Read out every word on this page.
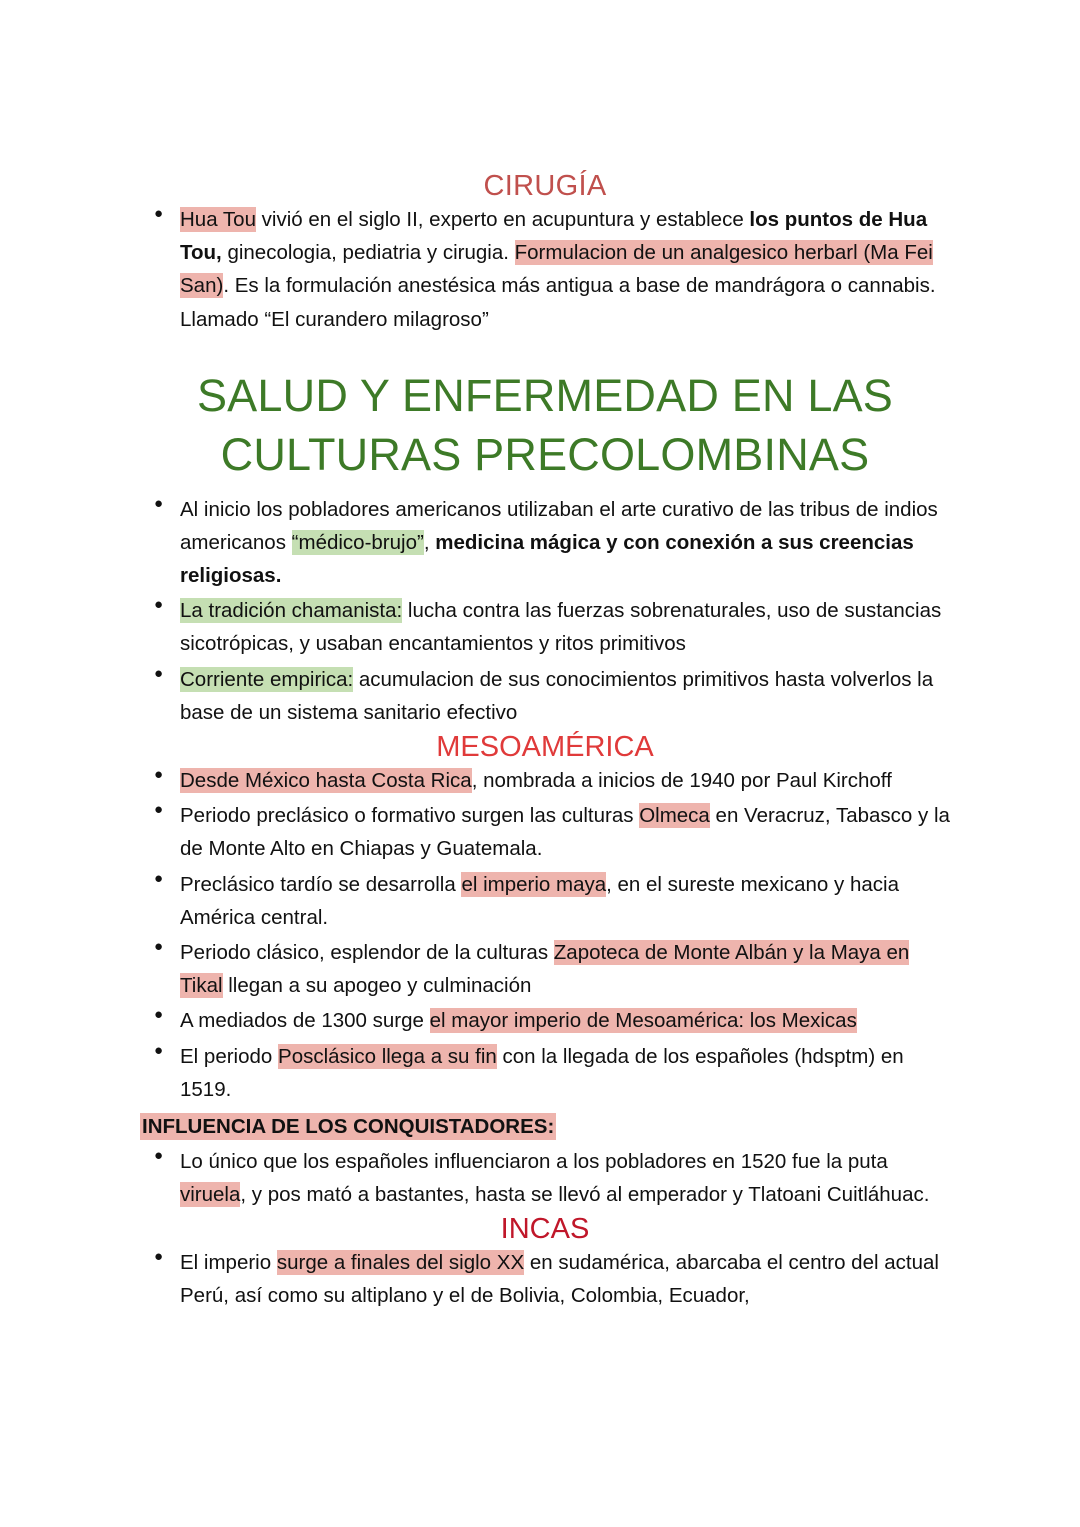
CIRUGÍA
● Hua Tou vivió en el siglo II, experto en acupuntura y establece los puntos de Hua Tou, ginecologia, pediatria y cirugia. Formulacion de un analgesico herbarl (Ma Fei San). Es la formulación anestésica más antigua a base de mandrágora o cannabis. Llamado “El curandero milagroso”
SALUD Y ENFERMEDAD EN LAS
CULTURAS PRECOLOMBINAS
● Al inicio los pobladores americanos utilizaban el arte curativo de las tribus de indios americanos “médico-brujo”, medicina mágica y con conexión a sus creencias religiosas.
● La tradición chamanista: lucha contra las fuerzas sobrenaturales, uso de sustancias sicotrópicas, y usaban encantamientos y ritos primitivos
● Corriente empirica: acumulacion de sus conocimientos primitivos hasta volverlos la base de un sistema sanitario efectivo
MESOAMÉRICA
● Desde México hasta Costa Rica, nombrada a inicios de 1940 por Paul Kirchoff
● Periodo preclásico o formativo surgen las culturas Olmeca en Veracruz, Tabasco y la de Monte Alto en Chiapas y Guatemala.
● Preclásico tardío se desarrolla el imperio maya, en el sureste mexicano y hacia América central.
● Periodo clásico, esplendor de la culturas Zapoteca de Monte Albán y la Maya en Tikal llegan a su apogeo y culminación
● A mediados de 1300 surge el mayor imperio de Mesoamérica: los Mexicas
● El periodo Posclásico llega a su fin con la llegada de los españoles (hdsptm) en 1519.
INFLUENCIA DE LOS CONQUISTADORES:
● Lo único que los españoles influenciaron a los pobladores en 1520 fue la puta viruela, y pos mató a bastantes, hasta se llevó al emperador y Tlatoani Cuitláhuac.
INCAS
● El imperio surge a finales del siglo XX en sudamérica, abarcaba el centro del actual Perú, así como su altiplano y el de Bolivia, Colombia, Ecuador,
